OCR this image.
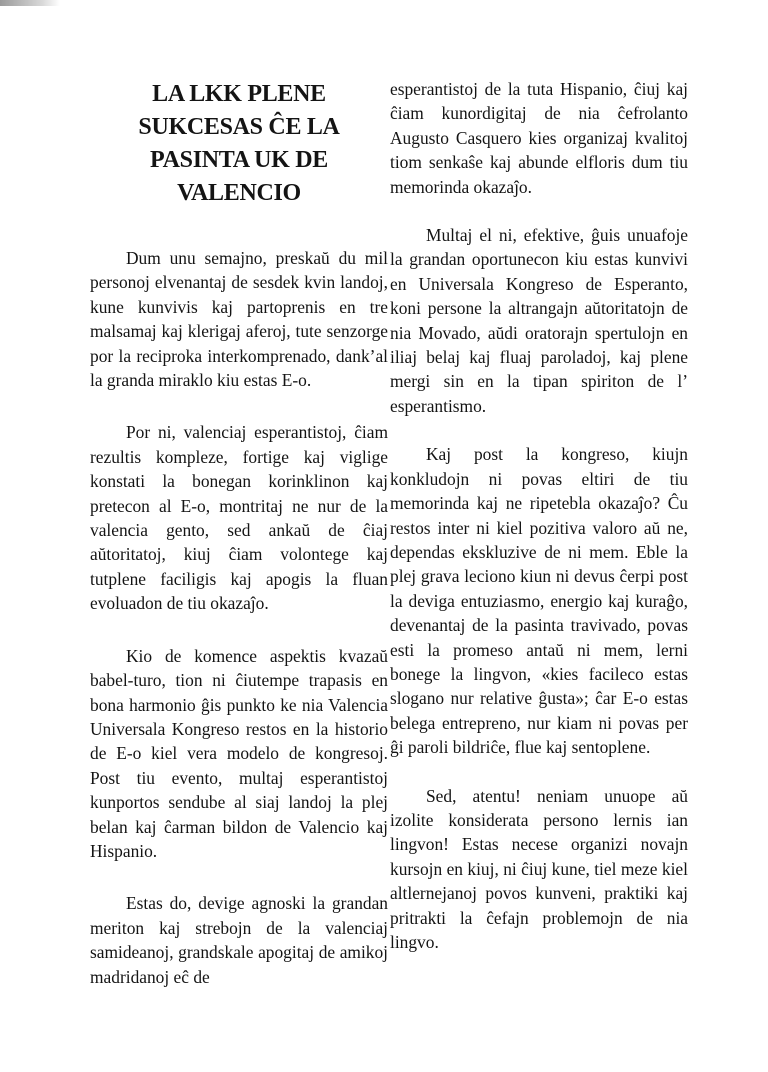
LA LKK PLENE SUKCESAS ĈE LA PASINTA UK DE VALENCIO

Dum unu semajno, preskaŭ du mil personoj elvenantaj de sesdek kvin landoj, kune kunvivis kaj partoprenis en tre malsamaj kaj klerigaj aferoj, tute senzorge por la reciproka interkomprenado, dank’al la granda miraklo kiu estas E-o.

Por ni, valenciaj esperantistoj, ĉiam rezultis kompleze, fortige kaj viglige konstati la bonegan korinklinon kaj pretecon al E-o, montritaj ne nur de la valencia gento, sed ankaŭ de ĉiaj aŭtoritatoj, kiuj ĉiam volontege kaj tutplene faciligis kaj apogis la fluan evoluadon de tiu okazaĵo.

Kio de komence aspektis kvazaŭ babel-turo, tion ni ĉiutempe trapasis en bona harmonio ĝis punkto ke nia Valencia Universala Kongreso restos en la historio de E-o kiel vera modelo de kongresoj. Post tiu evento, multaj esperantistoj kunportos sendube al siaj landoj la plej belan kaj ĉarman bildon de Valencio kaj Hispanio.

Estas do, devige agnoski la grandan meriton kaj strebojn de la valenciaj samideanoj, grandskale apogitaj de amikoj madridanoj eĉ de

esperantistoj de la tuta Hispanio, ĉiuj kaj ĉiam kunordigitaj de nia ĉefrolanto Augusto Casquero kies organizaj kvalitoj tiom senkaŝe kaj abunde elfloris dum tiu memorinda okazaĵo.

Multaj el ni, efektive, ĝuis unuafoje la grandan oportunecon kiu estas kunvivi en Universala Kongreso de Esperanto, koni persone la altrangajn aŭtoritatojn de nia Movado, aŭdi oratorajn spertulojn en iliaj belaj kaj fluaj paroladoj, kaj plene mergi sin en la tipan spiriton de l’ esperantismo.

Kaj post la kongreso, kiujn konkludojn ni povas eltiri de tiu memorinda kaj ne ripetebla okazaĵo? Ĉu restos inter ni kiel pozitiva valoro aŭ ne, dependas ekskluzive de ni mem. Eble la plej grava leciono kiun ni devus ĉerpi post la devigа entuziasmo, energio kaj kuraĝo, devenantaj de la pasinta travivado, povas esti la promeso antaŭ ni mem, lerni bonege la lingvon, «kies facileco estas slogano nur relative ĝusta»; ĉar E-o estas belega entrepreno, nur kiam ni povas per ĝi paroli bildriĉe, flue kaj sentoplene.

Sed, atentu! neniam unuope aŭ izolite konsiderata persono lernis ian lingvon! Estas necese organizi novajn kursojn en kiuj, ni ĉiuj kune, tiel meze kiel altlernejanoj povos kunveni, praktiki kaj pritrakti la ĉefajn problemojn de nia lingvo.
